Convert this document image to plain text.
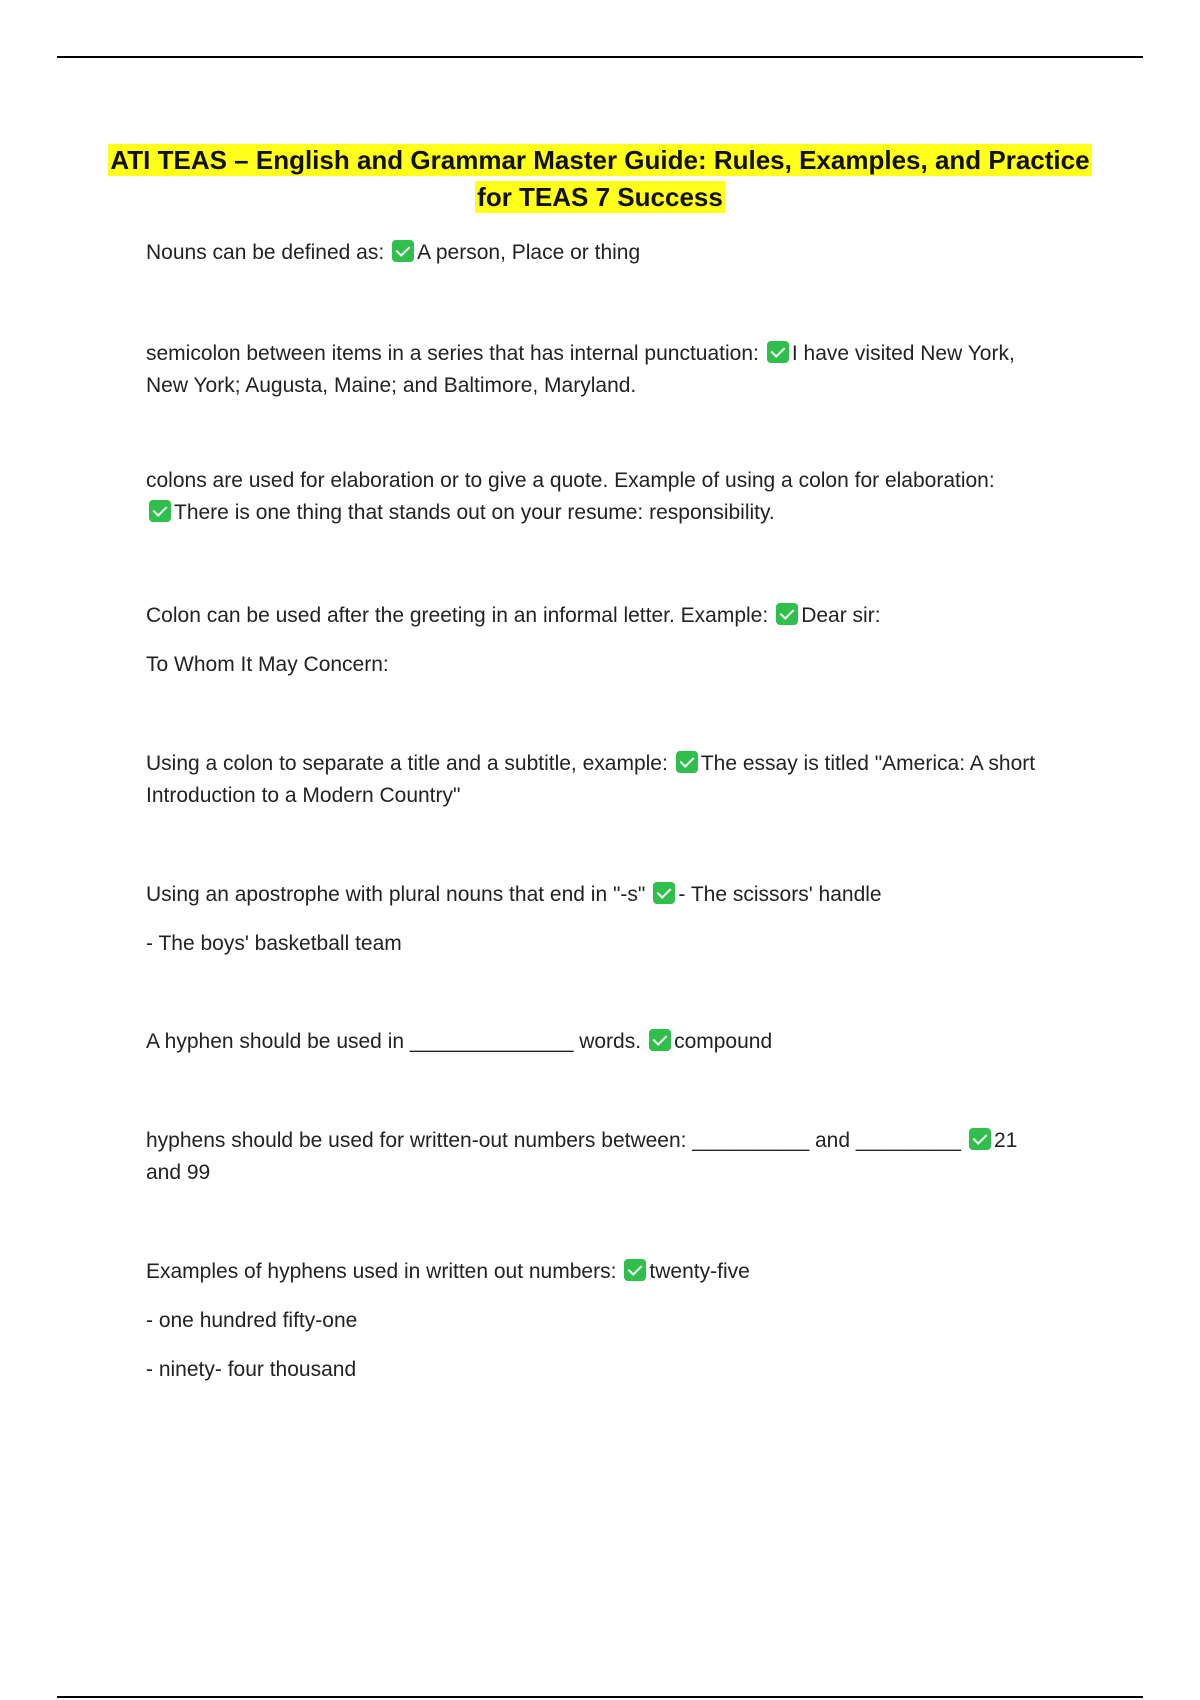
ATI TEAS – English and Grammar Master Guide: Rules, Examples, and Practice
for TEAS 7 Success
Nouns can be defined as: A person, Place or thing
semicolon between items in a series that has internal punctuation: I have visited New York,
New York; Augusta, Maine; and Baltimore, Maryland.
colons are used for elaboration or to give a quote. Example of using a colon for elaboration:
There is one thing that stands out on your resume: responsibility.
Colon can be used after the greeting in an informal letter. Example: Dear sir:
To Whom It May Concern:
Using a colon to separate a title and a subtitle, example: The essay is titled "America: A short
Introduction to a Modern Country"
Using an apostrophe with plural nouns that end in "-s" - The scissors' handle
- The boys' basketball team
A hyphen should be used in ______________ words. compound
hyphens should be used for written-out numbers between: __________ and _________ 21
and 99
Examples of hyphens used in written out numbers: twenty-five
- one hundred fifty-one
- ninety- four thousand
